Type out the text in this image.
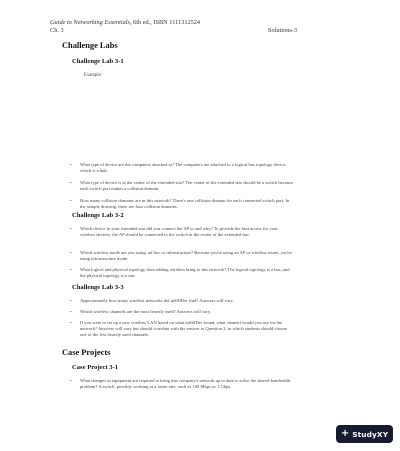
Guide to Networking Essentials, 6th ed., ISBN 1111312524
Ch. 3	Solutions-3
Challenge Labs
Challenge Lab 3-1
Example:
• What type of device are the computers attached to? The computers are attached to a logical bus topology device, which is a hub.
• What type of device is at the center of the extended star? The center of the extended star should be a switch because each switch port makes a collision domain.
• How many collision domains are in this network? There's one collision domain for each connected switch port. In the sample drawing, there are four collision domains.
Challenge Lab 3-2
• Which device in your extended star did you connect the AP to and why? To provide the best access for your wireless devices, the AP should be connected to the switch in the center of the extended star.
• Which wireless mode are you using: ad hoc or infrastructure? Because you're using an AP or wireless router, you're using infrastructure mode.
• What logical and physical topology does adding wireless bring to this network? The logical topology is a bus, and the physical topology is a star.
Challenge Lab 3-3
• Approximately how many wireless networks did inSSIDer find? Answers will vary.
• Which wireless channels are the most heavily used? Answers will vary.
• If you were to set up a new wireless LAN based on what inSSIDer found, what channel would you use for the network? Answers will vary but should correlate with the answer to Question 2, in which students should choose one of the less heavily used channels.
Case Projects
Case Project 3-1
• What changes in equipment are required to bring this company's network up to date to solve the shared-bandwidth problem? A switch, possibly working at a faster rate, such as 100 Mbps or 1 Gbps.
+ StudyXY
